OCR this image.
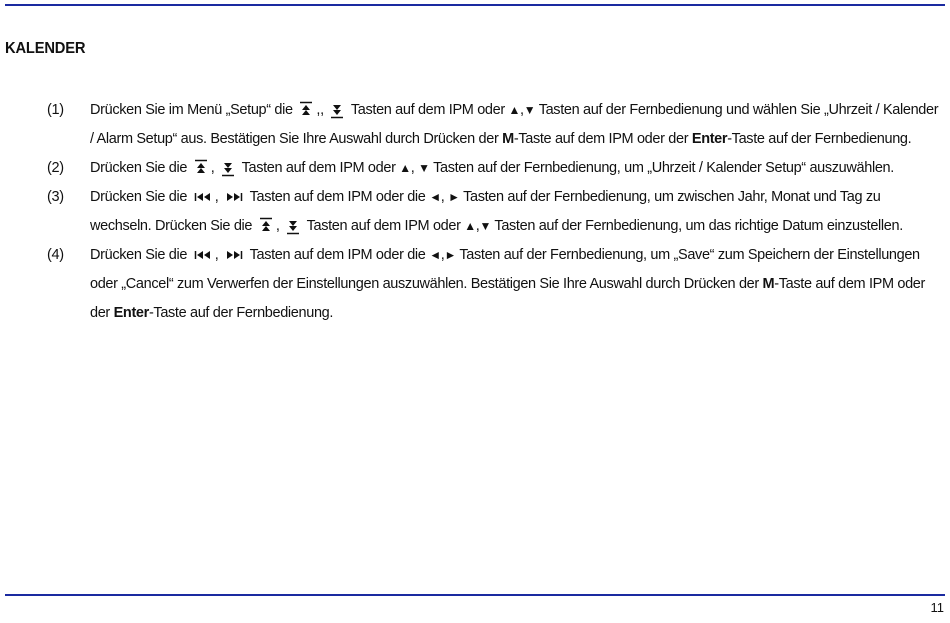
KALENDER
(1)	Drücken Sie im Menü „Setup“ die ,, Tasten auf dem IPM oder ▲,▼ Tasten auf der Fernbedienung und wählen Sie „Uhrzeit / Kalender / Alarm Setup“ aus. Bestätigen Sie Ihre Auswahl durch Drücken der M-Taste auf dem IPM oder der Enter-Taste auf der Fernbedienung.
(2)	Drücken Sie die , Tasten auf dem IPM oder ▲, ▼ Tasten auf der Fernbedienung, um „Uhrzeit / Kalender Setup“ auszuwählen.
(3)	Drücken Sie die , Tasten auf dem IPM oder die ◄, ► Tasten auf der Fernbedienung, um zwischen Jahr, Monat und Tag zu wechseln. Drücken Sie die , Tasten auf dem IPM oder ▲,▼ Tasten auf der Fernbedienung, um das richtige Datum einzustellen.
(4)	Drücken Sie die , Tasten auf dem IPM oder die ◄,► Tasten auf der Fernbedienung, um „Save“ zum Speichern der Einstellungen oder „Cancel“ zum Verwerfen der Einstellungen auszuwählen. Bestätigen Sie Ihre Auswahl durch Drücken der M-Taste auf dem IPM oder der Enter-Taste auf der Fernbedienung.
11
